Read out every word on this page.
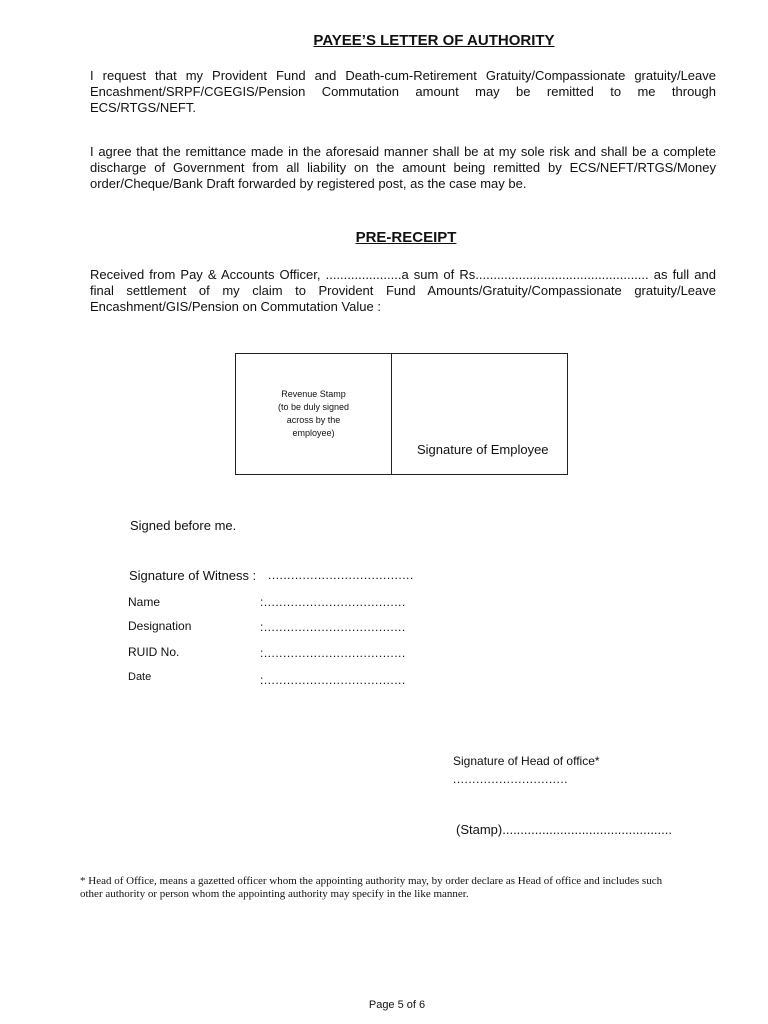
PAYEE’S LETTER OF AUTHORITY
I request that my Provident Fund and Death-cum-Retirement Gratuity/Compassionate gratuity/Leave Encashment/SRPF/CGEGIS/Pension Commutation amount may be remitted to me through ECS/RTGS/NEFT.
I agree that the remittance made in the aforesaid manner shall be at my sole risk and shall be a complete discharge of Government from all liability on the amount being remitted by ECS/NEFT/RTGS/Money order/Cheque/Bank Draft forwarded by registered post, as the case may be.
PRE-RECEIPT
Received from Pay & Accounts Officer, .....................a sum of Rs................................................ as full and final settlement of my claim to Provident Fund Amounts/Gratuity/Compassionate gratuity/Leave Encashment/GIS/Pension on Commutation Value :
Revenue Stamp
(to be duly signed
across by the
employee)
Signature of Employee
Signed before me.
Signature of Witness : ......................................
Name	:.....................................
Designation	:.....................................
RUID No.	:.....................................
Date	:.....................................
Signature of Head of office*
..............................
(Stamp)...............................................
* Head of Office, means a gazetted officer whom the appointing authority may, by order declare as Head of office and includes such other authority or person whom the appointing authority may specify in the like manner.
Page 5 of 6
